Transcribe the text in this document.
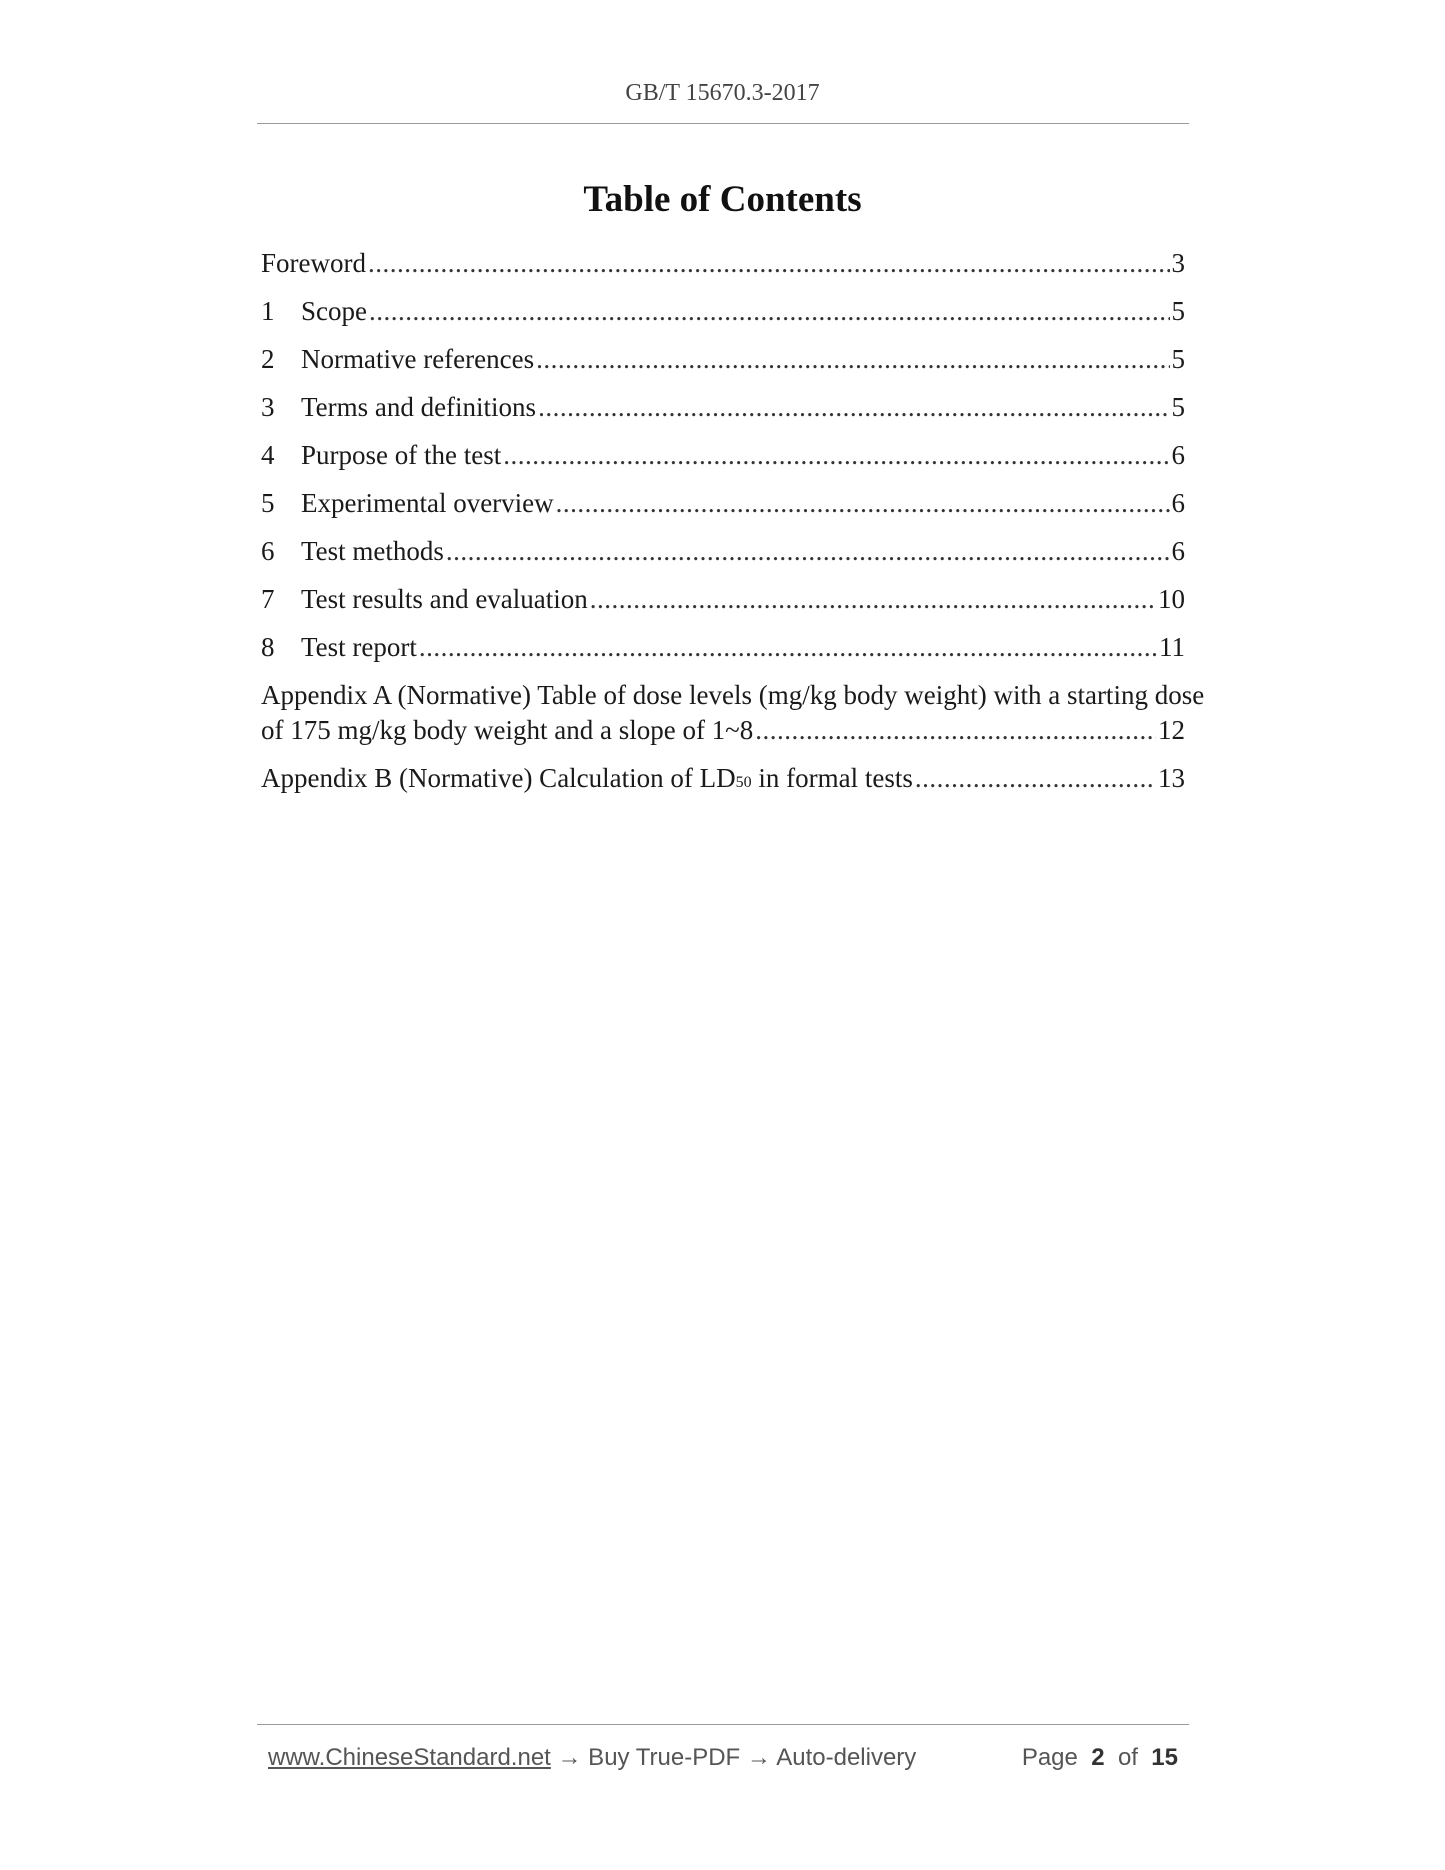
GB/T 15670.3-2017
Table of Contents
Foreword .....	3
1 Scope .....	5
2 Normative references .....	5
3 Terms and definitions .....	5
4 Purpose of the test .....	6
5 Experimental overview .....	6
6 Test methods .....	6
7 Test results and evaluation .....	10
8 Test report .....	11
Appendix A (Normative) Table of dose levels (mg/kg body weight) with a starting dose
of 175 mg/kg body weight and a slope of 1~8 .....	12
Appendix B (Normative) Calculation of LD50 in formal tests .....	13
www.ChineseStandard.net → Buy True-PDF → Auto-delivery	Page 2 of 15
